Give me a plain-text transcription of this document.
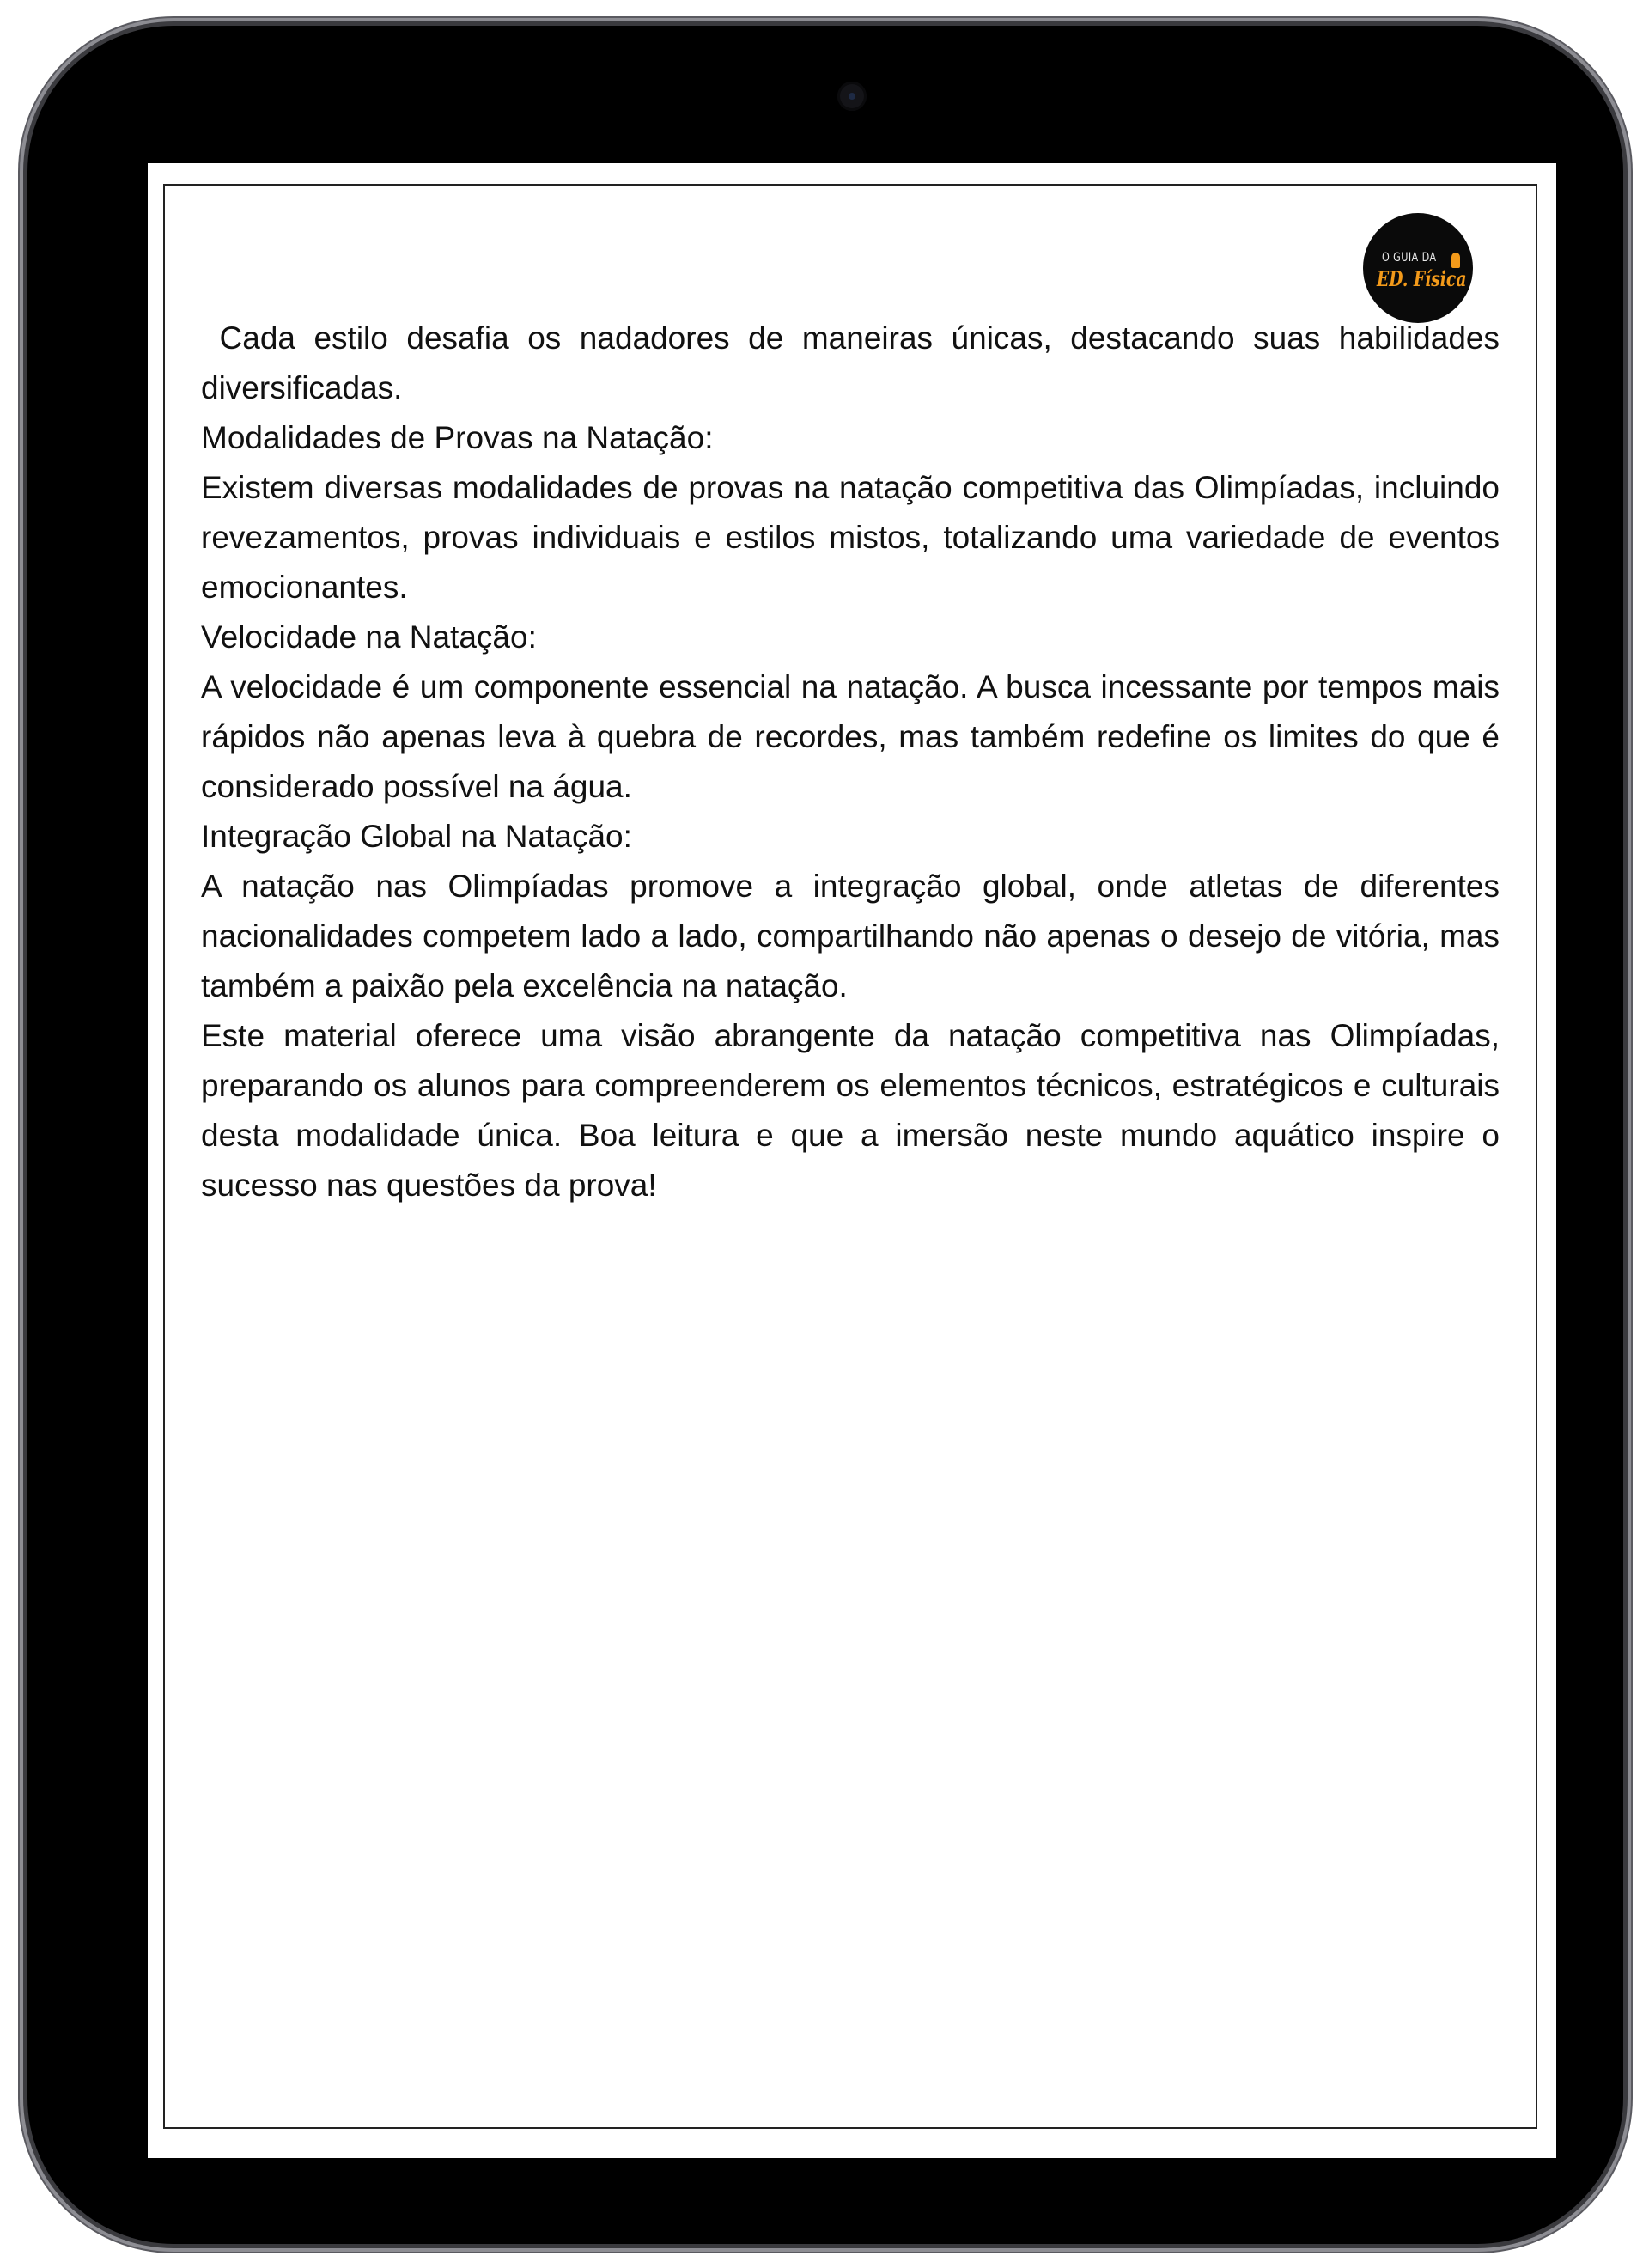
O GUIA DA
ED. Física

Cada estilo desafia os nadadores de maneiras únicas, destacando suas habilidades diversificadas.

Modalidades de Provas na Natação:

Existem diversas modalidades de provas na natação competitiva das Olimpíadas, incluindo revezamentos, provas individuais e estilos mistos, totalizando uma variedade de eventos emocionantes.

Velocidade na Natação:

A velocidade é um componente essencial na natação. A busca incessante por tempos mais rápidos não apenas leva à quebra de recordes, mas também redefine os limites do que é considerado possível na água.

Integração Global na Natação:

A natação nas Olimpíadas promove a integração global, onde atletas de diferentes nacionalidades competem lado a lado, compartilhando não apenas o desejo de vitória, mas também a paixão pela excelência na natação.

Este material oferece uma visão abrangente da natação competitiva nas Olimpíadas, preparando os alunos para compreenderem os elementos técnicos, estratégicos e culturais desta modalidade única. Boa leitura e que a imersão neste mundo aquático inspire o sucesso nas questões da prova!
